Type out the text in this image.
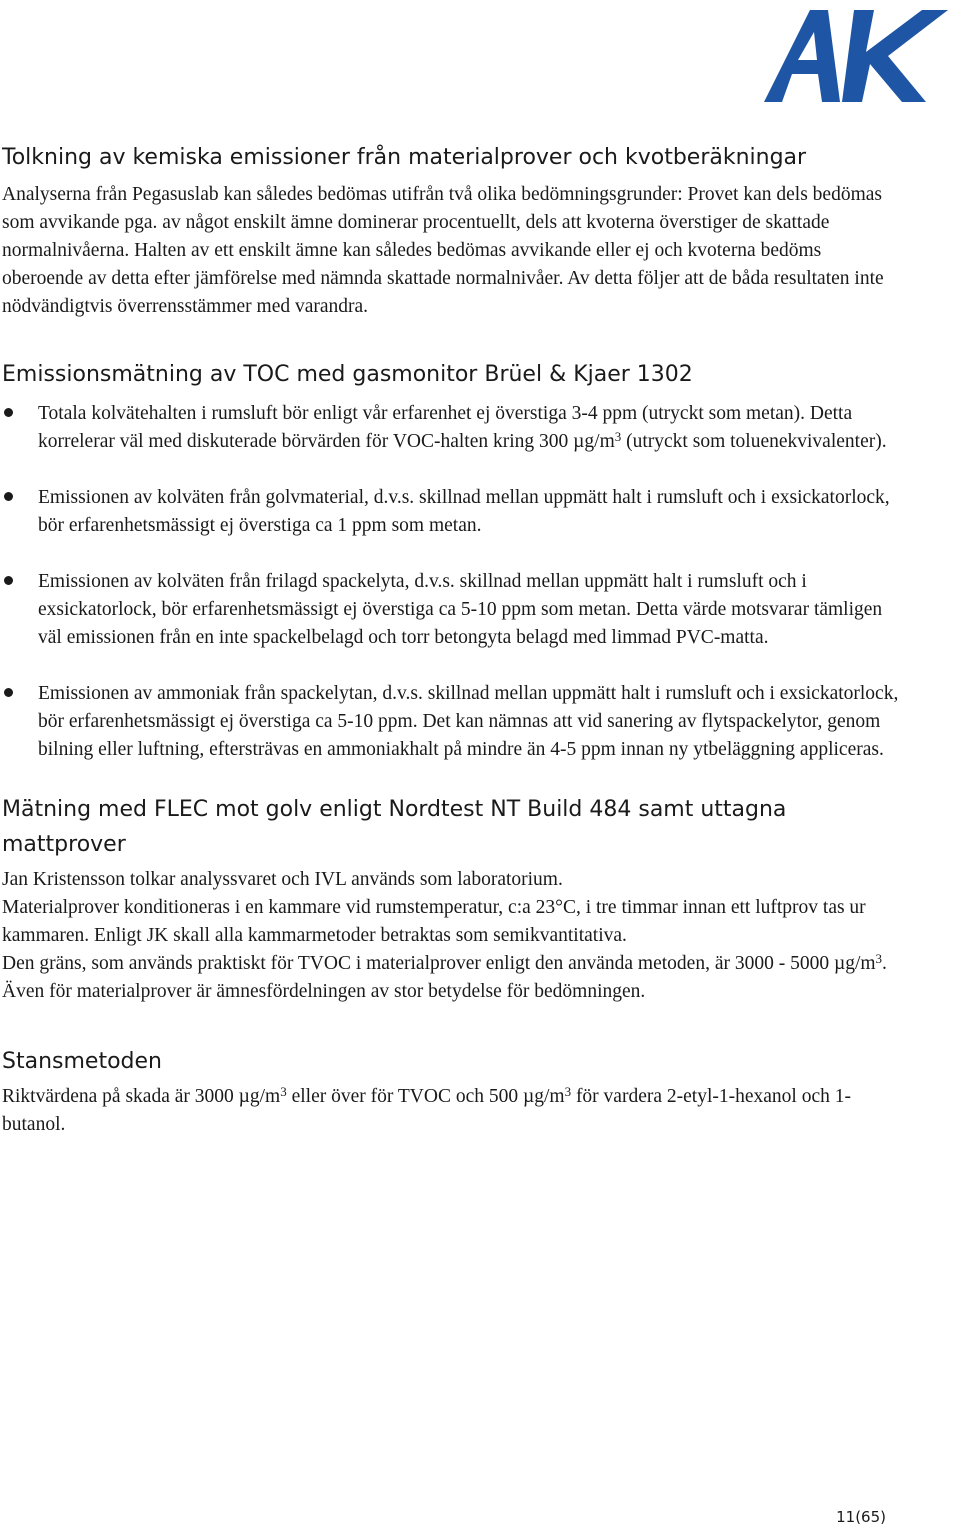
Tolkning av kemiska emissioner från materialprover och kvotberäkningar

Analyserna från Pegasuslab kan således bedömas utifrån två olika bedömningsgrunder: Provet kan dels bedömas som avvikande pga. av något enskilt ämne dominerar procentuellt, dels att kvoterna överstiger de skattade normalnivåerna. Halten av ett enskilt ämne kan således bedömas avvikande eller ej och kvoterna bedöms oberoende av detta efter jämförelse med nämnda skattade normalnivåer. Av detta följer att de båda resultaten inte nödvändigtvis överrensstämmer med varandra.

Emissionsmätning av TOC med gasmonitor Brüel & Kjaer 1302

Totala kolvätehalten i rumsluft bör enligt vår erfarenhet ej överstiga 3-4 ppm (utryckt som metan). Detta korrelerar väl med diskuterade börvärden för VOC-halten kring 300 $\mu g/m^3$ (utryckt som toluenekvivalenter).

Emissionen av kolväten från golvmaterial, d.v.s. skillnad mellan uppmätt halt i rumsluft och i exsickatorlock, bör erfarenhetsmässigt ej överstiga ca 1 ppm som metan.

Emissionen av kolväten från frilagd spackelyta, d.v.s. skillnad mellan uppmätt halt i rumsluft och i exsickatorlock, bör erfarenhetsmässigt ej överstiga ca 5-10 ppm som metan. Detta värde motsvarar tämligen väl emissionen från en inte spackelbelagd och torr betongyta belagd med limmad PVC-matta.

Emissionen av ammoniak från spackelytan, d.v.s. skillnad mellan uppmätt halt i rumsluft och i exsickatorlock, bör erfarenhetsmässigt ej överstiga ca 5-10 ppm. Det kan nämnas att vid sanering av flytspackelytor, genom bilning eller luftning, eftersträvas en ammoniakhalt på mindre än 4-5 ppm innan ny ytbeläggning appliceras.

Mätning med FLEC mot golv enligt Nordtest NT Build 484 samt uttagna mattprover

Jan Kristensson tolkar analyssvaret och IVL används som laboratorium.

Materialprover konditioneras i en kammare vid rumstemperatur, c:a 23°C, i tre timmar innan ett luftprov tas ur kammaren. Enligt JK skall alla kammarmetoder betraktas som semikvantitativa.

Den gräns, som används praktiskt för TVOC i materialprover enligt den använda metoden, är 3000 - 5000 $\mu g/m^3$. Även för materialprover är ämnesfördelningen av stor betydelse för bedömningen.

Stansmetoden

Riktvärdena på skada är 3000 $\mu g/m^3$ eller över för TVOC och 500 $\mu g/m^3$ för vardera 2-etyl-1-hexanol och 1-butanol.

11(65)
